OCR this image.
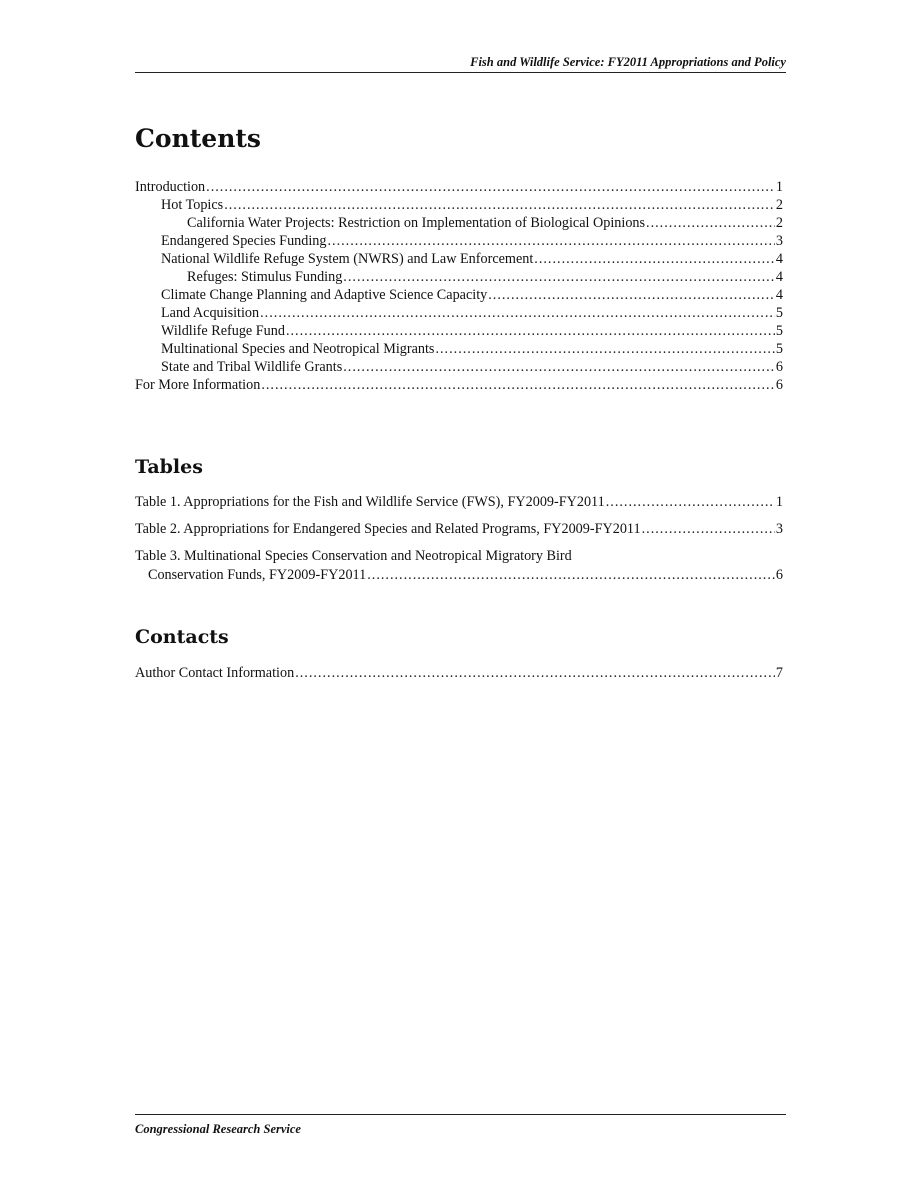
Fish and Wildlife Service: FY2011 Appropriations and Policy
Contents
Introduction .....	1
Hot Topics .....	2
California Water Projects: Restriction on Implementation of Biological Opinions .....	2
Endangered Species Funding .....	3
National Wildlife Refuge System (NWRS) and Law Enforcement .....	4
Refuges: Stimulus Funding .....	4
Climate Change Planning and Adaptive Science Capacity .....	4
Land Acquisition .....	5
Wildlife Refuge Fund .....	5
Multinational Species and Neotropical Migrants .....	5
State and Tribal Wildlife Grants .....	6
For More Information .....	6
Tables
Table 1. Appropriations for the Fish and Wildlife Service (FWS), FY2009-FY2011 .....	1
Table 2. Appropriations for Endangered Species and Related Programs, FY2009-FY2011 .....	3
Table 3. Multinational Species Conservation and Neotropical Migratory Bird
Conservation Funds, FY2009-FY2011 .....	6
Contacts
Author Contact Information .....	7
Congressional Research Service
